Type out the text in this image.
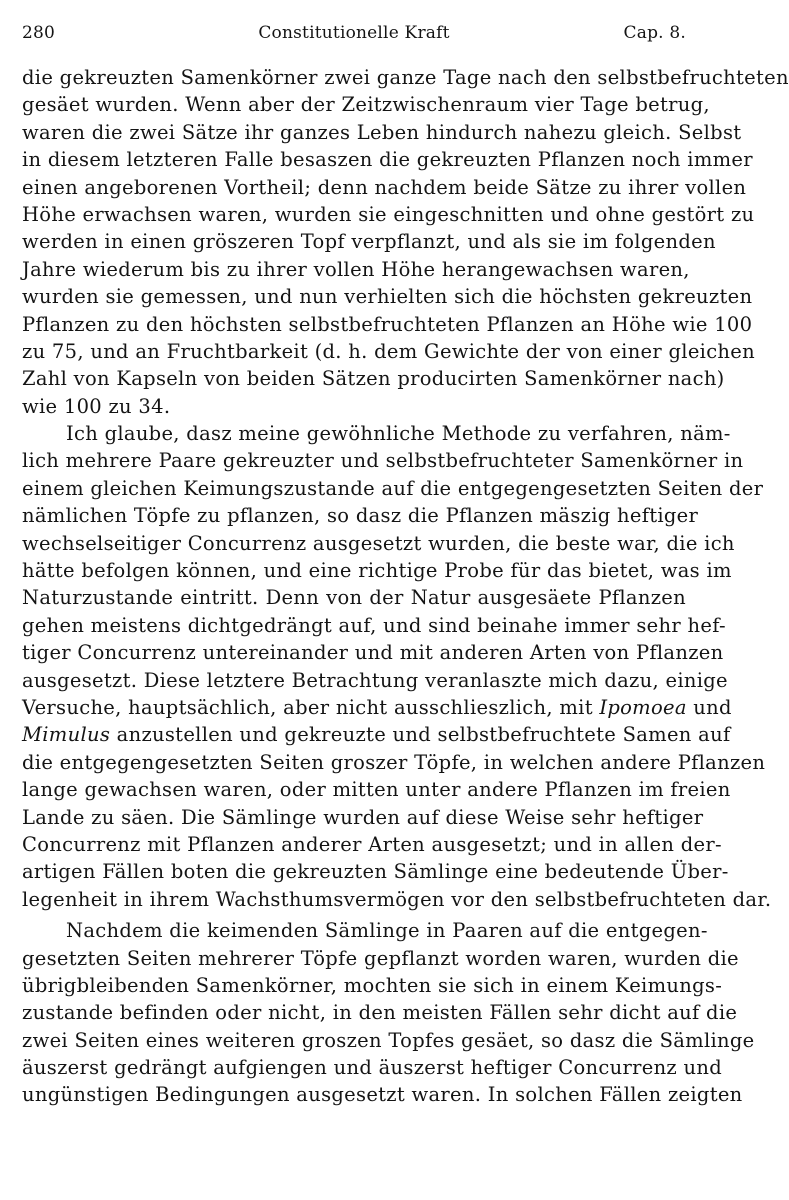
280	Constitutionelle Kraft	Cap. 8.
die gekreuzten Samenkörner zwei ganze Tage nach den selbstbefruchteten
gesäet wurden. Wenn aber der Zeitzwischenraum vier Tage betrug,
waren die zwei Sätze ihr ganzes Leben hindurch nahezu gleich. Selbst
in diesem letzteren Falle besaszen die gekreuzten Pflanzen noch immer
einen angeborenen Vortheil; denn nachdem beide Sätze zu ihrer vollen
Höhe erwachsen waren, wurden sie eingeschnitten und ohne gestört zu
werden in einen gröszeren Topf verpflanzt, und als sie im folgenden
Jahre wiederum bis zu ihrer vollen Höhe herangewachsen waren,
wurden sie gemessen, und nun verhielten sich die höchsten gekreuzten
Pflanzen zu den höchsten selbstbefruchteten Pflanzen an Höhe wie 100
zu 75, und an Fruchtbarkeit (d. h. dem Gewichte der von einer gleichen
Zahl von Kapseln von beiden Sätzen producirten Samenkörner nach)
wie 100 zu 34.
Ich glaube, dasz meine gewöhnliche Methode zu verfahren, näm-
lich mehrere Paare gekreuzter und selbstbefruchteter Samenkörner in
einem gleichen Keimungszustande auf die entgegengesetzten Seiten der
nämlichen Töpfe zu pflanzen, so dasz die Pflanzen mäszig heftiger
wechselseitiger Concurrenz ausgesetzt wurden, die beste war, die ich
hätte befolgen können, und eine richtige Probe für das bietet, was im
Naturzustande eintritt. Denn von der Natur ausgesäete Pflanzen
gehen meistens dichtgedrängt auf, und sind beinahe immer sehr hef-
tiger Concurrenz untereinander und mit anderen Arten von Pflanzen
ausgesetzt. Diese letztere Betrachtung veranlaszte mich dazu, einige
Versuche, hauptsächlich, aber nicht ausschlieszlich, mit Ipomoea und
Mimulus anzustellen und gekreuzte und selbstbefruchtete Samen auf
die entgegengesetzten Seiten groszer Töpfe, in welchen andere Pflanzen
lange gewachsen waren, oder mitten unter andere Pflanzen im freien
Lande zu säen. Die Sämlinge wurden auf diese Weise sehr heftiger
Concurrenz mit Pflanzen anderer Arten ausgesetzt; und in allen der-
artigen Fällen boten die gekreuzten Sämlinge eine bedeutende Über-
legenheit in ihrem Wachsthumsvermögen vor den selbstbefruchteten dar.
Nachdem die keimenden Sämlinge in Paaren auf die entgegen-
gesetzten Seiten mehrerer Töpfe gepflanzt worden waren, wurden die
übrigbleibenden Samenkörner, mochten sie sich in einem Keimungs-
zustande befinden oder nicht, in den meisten Fällen sehr dicht auf die
zwei Seiten eines weiteren groszen Topfes gesäet, so dasz die Sämlinge
äuszerst gedrängt aufgiengen und äuszerst heftiger Concurrenz und
ungünstigen Bedingungen ausgesetzt waren. In solchen Fällen zeigten
